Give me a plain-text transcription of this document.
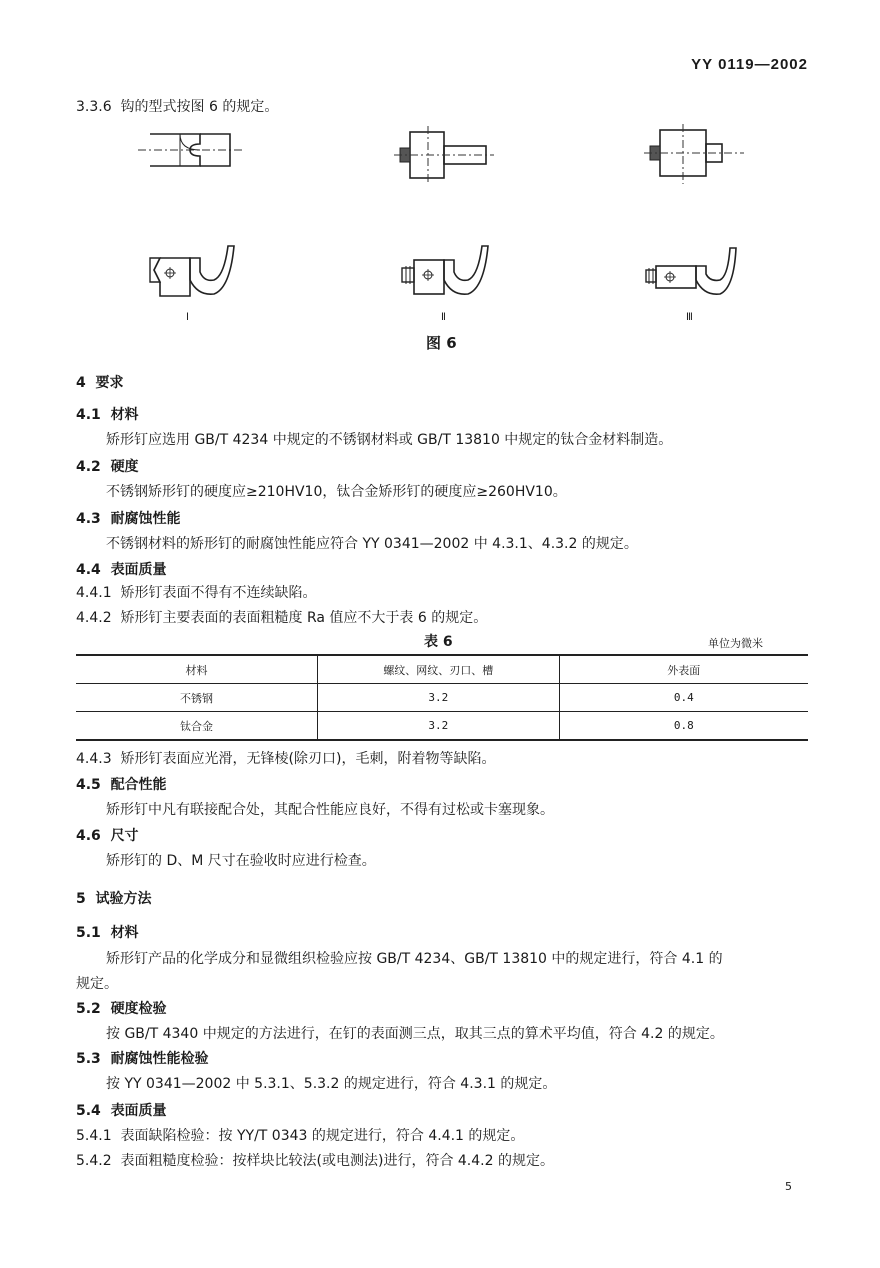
YY 0119—2002
3.3.6 钩的型式按图 6 的规定。
Ⅰ	Ⅱ	Ⅲ
图 6
4 要求
4.1 材料
矫形钉应选用 GB/T 4234 中规定的不锈钢材料或 GB/T 13810 中规定的钛合金材料制造。
4.2 硬度
不锈钢矫形钉的硬度应≥210HV10，钛合金矫形钉的硬度应≥260HV10。
4.3 耐腐蚀性能
不锈钢材料的矫形钉的耐腐蚀性能应符合 YY 0341—2002 中 4.3.1、4.3.2 的规定。
4.4 表面质量
4.4.1 矫形钉表面不得有不连续缺陷。
4.4.2 矫形钉主要表面的表面粗糙度 Ra 值应不大于表 6 的规定。
表 6	单位为微米
材料	螺纹、网纹、刃口、槽	外表面
不锈钢	3.2	0.4
钛合金	3.2	0.8
4.4.3 矫形钉表面应光滑，无锋棱(除刃口)，毛刺，附着物等缺陷。
4.5 配合性能
矫形钉中凡有联接配合处，其配合性能应良好，不得有过松或卡塞现象。
4.6 尺寸
矫形钉的 D、M 尺寸在验收时应进行检查。
5 试验方法
5.1 材料
矫形钉产品的化学成分和显微组织检验应按 GB/T 4234、GB/T 13810 中的规定进行，符合 4.1 的
规定。
5.2 硬度检验
按 GB/T 4340 中规定的方法进行，在钉的表面测三点，取其三点的算术平均值，符合 4.2 的规定。
5.3 耐腐蚀性能检验
按 YY 0341—2002 中 5.3.1、5.3.2 的规定进行，符合 4.3.1 的规定。
5.4 表面质量
5.4.1 表面缺陷检验：按 YY/T 0343 的规定进行，符合 4.4.1 的规定。
5.4.2 表面粗糙度检验：按样块比较法(或电测法)进行，符合 4.4.2 的规定。
5
